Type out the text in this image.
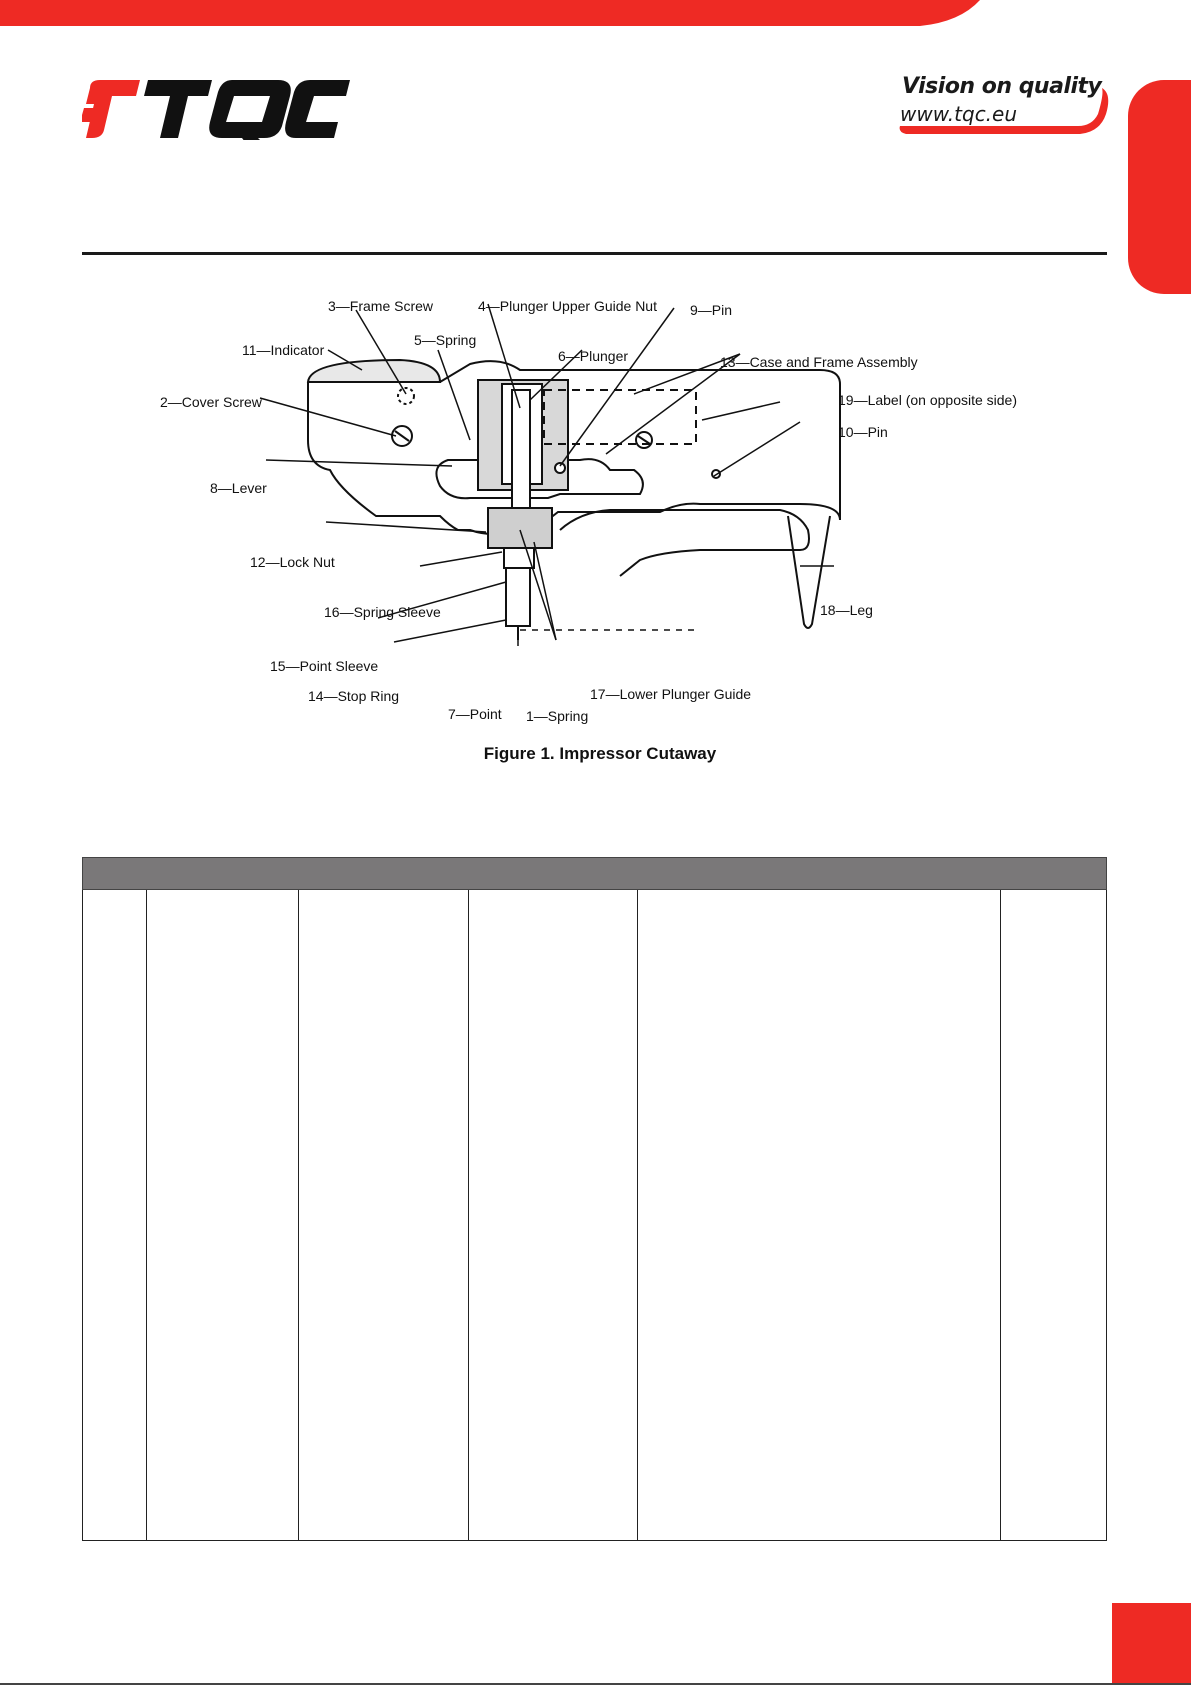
Vision on quality
www.tqc.eu
3—Frame Screw	4—Plunger Upper Guide Nut 9—Pin
11—Indicator
5—Spring
6—Plunger	13—Case and Frame Assembly
2—Cover Screw	19—Label (on opposite side)
10—Pin
8—Lever
12—Lock Nut
16—Spring Sleeve	18—Leg
15—Point Sleeve
14—Stop Ring	17—Lower Plunger Guide
7—Point 1—Spring
Figure 1. Impressor Cutaway
